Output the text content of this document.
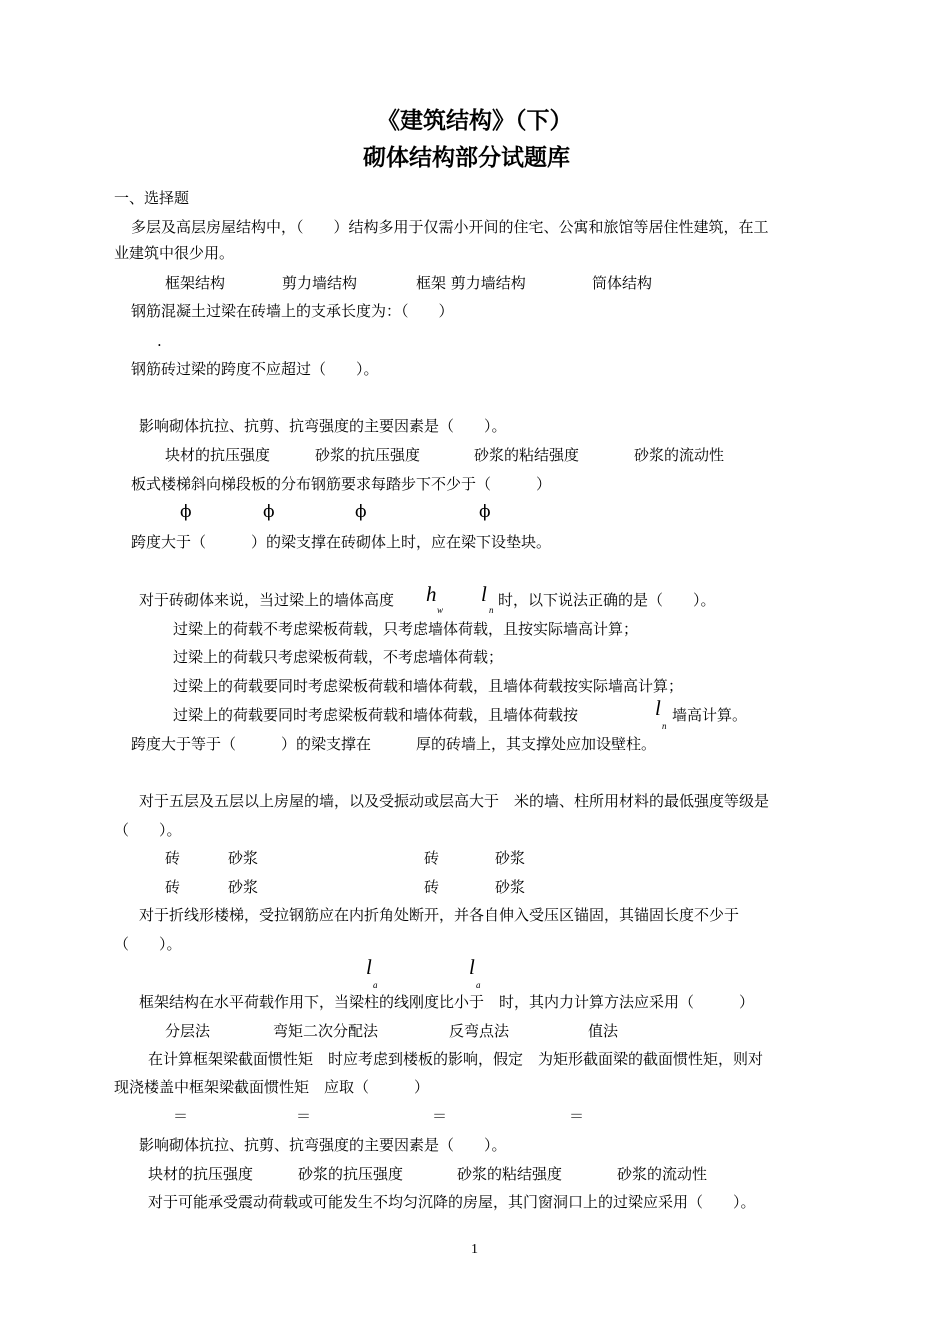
《建筑结构》（下）
砌体结构部分试题库
一、选择题
多层及高层房屋结构中，（　　）结构多用于仅需小开间的住宅、公寓和旅馆等居住性建筑，在工
业建筑中很少用。
框架结构	剪力墙结构	框架 剪力墙结构	筒体结构
钢筋混凝土过梁在砖墙上的支承长度为：（　　）
.
钢筋砖过梁的跨度不应超过（　　）。
影响砌体抗拉、抗剪、抗弯强度的主要因素是（　　）。
块材的抗压强度	砂浆的抗压强度	砂浆的粘结强度	砂浆的流动性
板式楼梯斜向梯段板的分布钢筋要求每踏步下不少于（　　　）
ϕ	ϕ	ϕ	ϕ
跨度大于（　　　）的梁支撑在砖砌体上时，应在梁下设垫块。
对于砖砌体来说，当过梁上的墙体高度 h
w
l
n
时，以下说法正确的是（　　）。
过梁上的荷载不考虑梁板荷载，只考虑墙体荷载，且按实际墙高计算；
过梁上的荷载只考虑梁板荷载，不考虑墙体荷载；
过梁上的荷载要同时考虑梁板荷载和墙体荷载，且墙体荷载按实际墙高计算；
过梁上的荷载要同时考虑梁板荷载和墙体荷载，且墙体荷载按	l
n
墙高计算。
跨度大于等于（　　　）的梁支撑在　　　厚的砖墙上，其支撑处应加设壁柱。
对于五层及五层以上房屋的墙，以及受振动或层高大于　米的墙、柱所用材料的最低强度等级是
（　　）。
砖	砂浆	砖	砂浆
砖	砂浆	砖	砂浆
对于折线形楼梯，受拉钢筋应在内折角处断开，并各自伸入受压区锚固，其锚固长度不少于
（　　）。
l
a
l
a
框架结构在水平荷载作用下，当梁柱的线刚度比小于　时，其内力计算方法应采用（　　　）
分层法	弯矩二次分配法	反弯点法	值法
在计算框架梁截面惯性矩　时应考虑到楼板的影响，假定　为矩形截面梁的截面惯性矩，则对
现浇楼盖中框架梁截面惯性矩　应取（　　　）
＝	＝	＝	＝
影响砌体抗拉、抗剪、抗弯强度的主要因素是（　　）。
块材的抗压强度	砂浆的抗压强度	砂浆的粘结强度	砂浆的流动性
对于可能承受震动荷载或可能发生不均匀沉降的房屋，其门窗洞口上的过梁应采用（　　）。
1
